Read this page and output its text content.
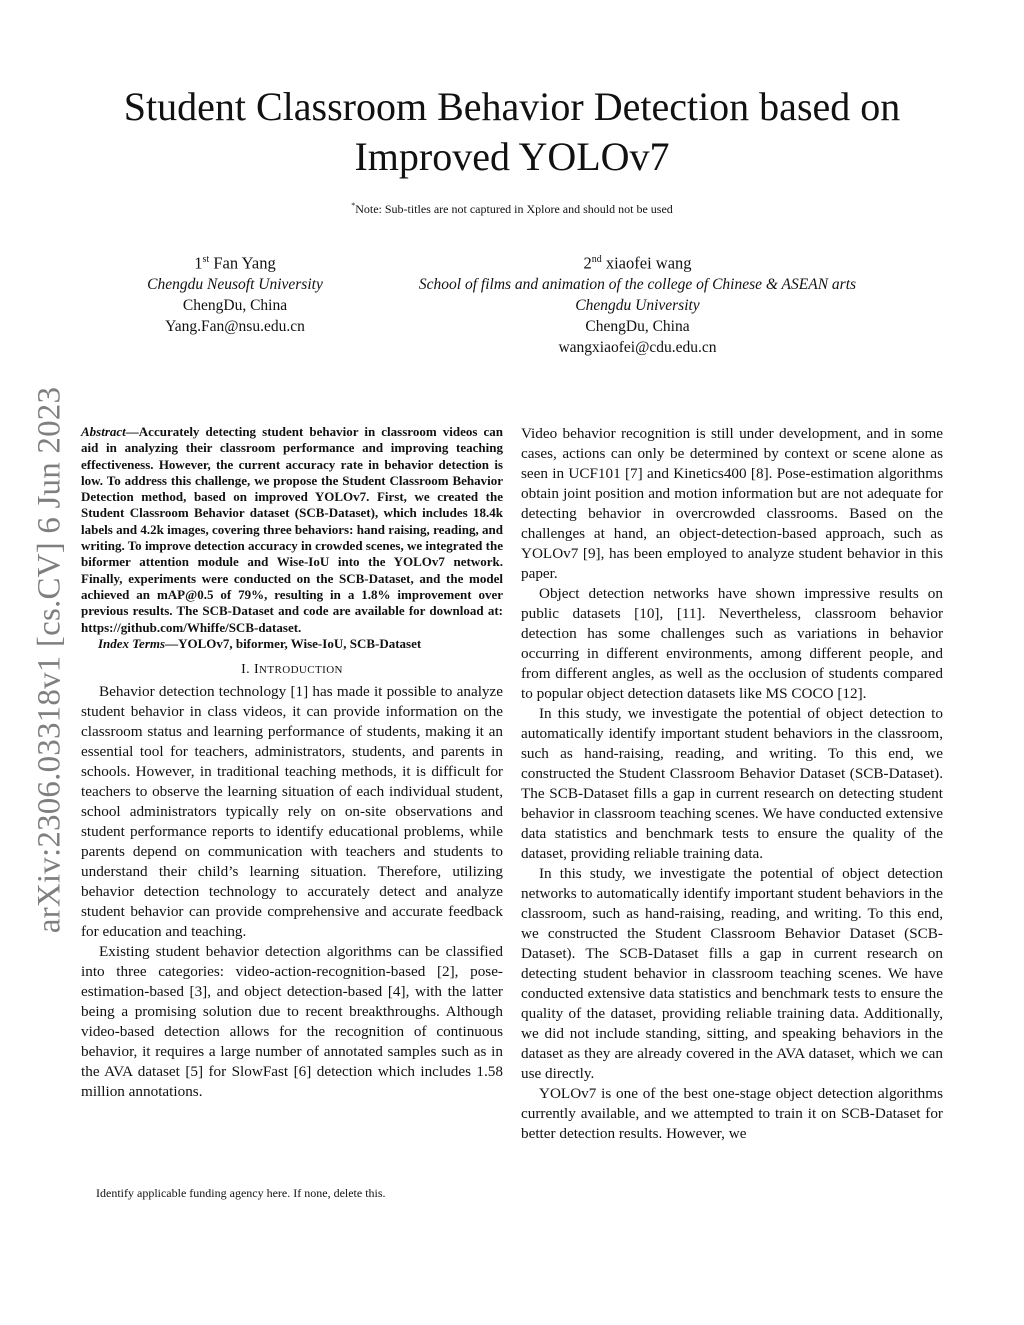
arXiv:2306.03318v1 [cs.CV] 6 Jun 2023
Student Classroom Behavior Detection based on
Improved YOLOv7
*Note: Sub-titles are not captured in Xplore and should not be used
1st Fan Yang
Chengdu Neusoft University
ChengDu, China
Yang.Fan@nsu.edu.cn
2nd xiaofei wang
School of films and animation of the college of Chinese & ASEAN arts
Chengdu University
ChengDu, China
wangxiaofei@cdu.edu.cn

Abstract—Accurately detecting student behavior in classroom videos can aid in analyzing their classroom performance and improving teaching effectiveness. However, the current accuracy rate in behavior detection is low. To address this challenge, we propose the Student Classroom Behavior Detection method, based on improved YOLOv7. First, we created the Student Classroom Behavior dataset (SCB-Dataset), which includes 18.4k labels and 4.2k images, covering three behaviors: hand raising, reading, and writing. To improve detection accuracy in crowded scenes, we integrated the biformer attention module and Wise-IoU into the YOLOv7 network. Finally, experiments were conducted on the SCB-Dataset, and the model achieved an mAP@0.5 of 79%, resulting in a 1.8% improvement over previous results. The SCB-Dataset and code are available for download at: https://github.com/Whiffe/SCB-dataset.

Index Terms—YOLOv7, biformer, Wise-IoU, SCB-Dataset

I. INTRODUCTION

Behavior detection technology [1] has made it possible to analyze student behavior in class videos, it can provide information on the classroom status and learning performance of students, making it an essential tool for teachers, administrators, students, and parents in schools. However, in traditional teaching methods, it is difficult for teachers to observe the learning situation of each individual student, school administrators typically rely on on-site observations and student performance reports to identify educational problems, while parents depend on communication with teachers and students to understand their child’s learning situation. Therefore, utilizing behavior detection technology to accurately detect and analyze student behavior can provide comprehensive and accurate feedback for education and teaching.

Existing student behavior detection algorithms can be classified into three categories: video-action-recognition-based [2], pose-estimation-based [3], and object detection-based [4], with the latter being a promising solution due to recent breakthroughs. Although video-based detection allows for the recognition of continuous behavior, it requires a large number of annotated samples such as in the AVA dataset [5] for SlowFast [6] detection which includes 1.58 million annotations.

Identify applicable funding agency here. If none, delete this.

Video behavior recognition is still under development, and in some cases, actions can only be determined by context or scene alone as seen in UCF101 [7] and Kinetics400 [8]. Pose-estimation algorithms obtain joint position and motion information but are not adequate for detecting behavior in overcrowded classrooms. Based on the challenges at hand, an object-detection-based approach, such as YOLOv7 [9], has been employed to analyze student behavior in this paper.

Object detection networks have shown impressive results on public datasets [10], [11]. Nevertheless, classroom behavior detection has some challenges such as variations in behavior occurring in different environments, among different people, and from different angles, as well as the occlusion of students compared to popular object detection datasets like MS COCO [12].

In this study, we investigate the potential of object detection to automatically identify important student behaviors in the classroom, such as hand-raising, reading, and writing. To this end, we constructed the Student Classroom Behavior Dataset (SCB-Dataset). The SCB-Dataset fills a gap in current research on detecting student behavior in classroom teaching scenes. We have conducted extensive data statistics and benchmark tests to ensure the quality of the dataset, providing reliable training data.

In this study, we investigate the potential of object detection networks to automatically identify important student behaviors in the classroom, such as hand-raising, reading, and writing. To this end, we constructed the Student Classroom Behavior Dataset (SCB-Dataset). The SCB-Dataset fills a gap in current research on detecting student behavior in classroom teaching scenes. We have conducted extensive data statistics and benchmark tests to ensure the quality of the dataset, providing reliable training data. Additionally, we did not include standing, sitting, and speaking behaviors in the dataset as they are already covered in the AVA dataset, which we can use directly.

YOLOv7 is one of the best one-stage object detection algorithms currently available, and we attempted to train it on SCB-Dataset for better detection results. However, we
